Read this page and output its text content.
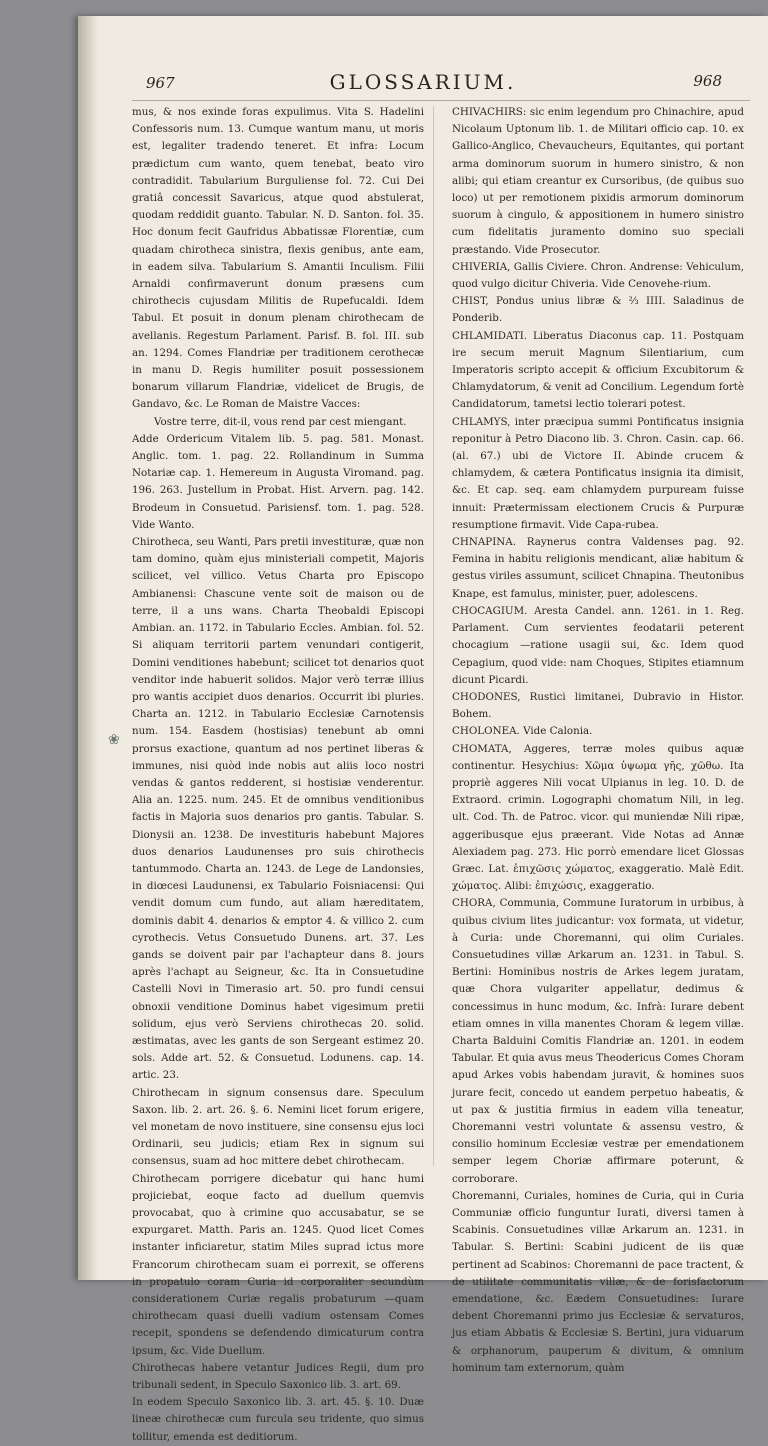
❀
967	GLOSSARIUM.	968

mus, & nos exinde foras expulimus. Vita S. Hadelini Confessoris num. 13. Cumque wantum manu, ut moris est, legaliter tradendo teneret. Et infra: Locum prædictum cum wanto, quem tenebat, beato viro contradidit. Tabularium Burguliense fol. 72. Cui Dei gratiâ concessit Savaricus, atque quod abstulerat, quodam reddidit guanto. Tabular. N. D. Santon. fol. 35. Hoc donum fecit Gaufridus Abbatissæ Florentiæ, cum quadam chirotheca sinistra, flexis genibus, ante eam, in eadem silva. Tabularium S. Amantii Inculism. Filii Arnaldi confirmaverunt donum præsens cum chirothecis cujusdam Militis de Rupefucaldi. Idem Tabul. Et posuit in donum plenam chirothecam de avellanis. Regestum Parlament. Parisf. B. fol. III. sub an. 1294. Comes Flandriæ per traditionem cerothecæ in manu D. Regis humiliter posuit possessionem bonarum villarum Flandriæ, videlicet de Brugis, de Gandavo, &c. Le Roman de Maistre Vacces:

Vostre terre, dit-il, vous rend par cest miengant.

Adde Ordericum Vitalem lib. 5. pag. 581. Monast. Anglic. tom. 1. pag. 22. Rollandinum in Summa Notariæ cap. 1. Hemereum in Augusta Viromand. pag. 196. 263. Justellum in Probat. Hist. Arvern. pag. 142. Brodeum in Consuetud. Parisiensf. tom. 1. pag. 528. Vide Wanto.

Chirotheca, seu Wanti, Pars pretii investituræ, quæ non tam domino, quàm ejus ministeriali competit, Majoris scilicet, vel villico. Vetus Charta pro Episcopo Ambianensi: Chascune vente soit de maison ou de terre, il a uns wans. Charta Theobaldi Episcopi Ambian. an. 1172. in Tabulario Eccles. Ambian. fol. 52. Si aliquam territorii partem venundari contigerit, Domini venditiones habebunt; scilicet tot denarios quot venditor inde habuerit solidos. Major verò terræ illius pro wantis accipiet duos denarios. Occurrit ibi pluries. Charta an. 1212. in Tabulario Ecclesiæ Carnotensis num. 154. Easdem (hostisias) tenebunt ab omni prorsus exactione, quantum ad nos pertinet liberas & immunes, nisi quòd inde nobis aut aliis loco nostri vendas & gantos redderent, si hostisiæ venderentur. Alia an. 1225. num. 245. Et de omnibus venditionibus factis in Majoria suos denarios pro gantis. Tabular. S. Dionysii an. 1238. De investituris habebunt Majores duos denarios Laudunenses pro suis chirothecis tantummodo. Charta an. 1243. de Lege de Landonsies, in diœcesi Laudunensi, ex Tabulario Foisniacensi: Qui vendit domum cum fundo, aut aliam hæreditatem, dominis dabit 4. denarios & emptor 4. & villico 2. cum cyrothecis. Vetus Consuetudo Dunens. art. 37. Les gands se doivent pair par l'achapteur dans 8. jours après l'achapt au Seigneur, &c. Ita in Consuetudine Castelli Novi in Timerasio art. 50. pro fundi censui obnoxii venditione Dominus habet vigesimum pretii solidum, ejus verò Serviens chirothecas 20. solid. æstimatas, avec les gants de son Sergeant estimez 20. sols. Adde art. 52. & Consuetud. Lodunens. cap. 14. artic. 23.

Chirothecam in signum consensus dare. Speculum Saxon. lib. 2. art. 26. §. 6. Nemini licet forum erigere, vel monetam de novo instituere, sine consensu ejus loci Ordinarii, seu judicis; etiam Rex in signum sui consensus, suam ad hoc mittere debet chirothecam.

Chirothecam porrigere dicebatur qui hanc humi projiciebat, eoque facto ad duellum quemvis provocabat, quo à crimine quo accusabatur, se se expurgaret. Matth. Paris an. 1245. Quod licet Comes instanter inficiaretur, statim Miles suprad ictus more Francorum chirothecam suam ei porrexit, se offerens in propatulo coram Curia id corporaliter secundùm considerationem Curiæ regalis probaturum —quam chirothecam quasi duelli vadium ostensam Comes recepit, spondens se defendendo dimicaturum contra ipsum, &c. Vide Duellum.

Chirothecas habere vetantur Judices Regii, dum pro tribunali sedent, in Speculo Saxonico lib. 3. art. 69.

In eodem Speculo Saxonico lib. 3. art. 45. §. 10. Duæ lineæ chirothecæ cum furcula seu tridente, quo simus tollitur, emenda est deditiorum.

CHIVACHIRS: sic enim legendum pro Chinachire, apud Nicolaum Uptonum lib. 1. de Militari officio cap. 10. ex Gallico-Anglico, Chevaucheurs, Equitantes, qui portant arma dominorum suorum in humero sinistro, & non alibi; qui etiam creantur ex Cursoribus, (de quibus suo loco) ut per remotionem pixidis armorum dominorum suorum à cingulo, & appositionem in humero sinistro cum fidelitatis juramento domino suo speciali præstando. Vide Prosecutor.

CHIVERIA, Gallis Civiere. Chron. Andrense: Vehiculum, quod vulgo dicitur Chiveria. Vide Cenovehe-rium.

CHIST, Pondus unius libræ & ⅔ IIII. Saladinus de Ponderib.

CHLAMIDATI. Liberatus Diaconus cap. 11. Postquam ire secum meruit Magnum Silentiarium, cum Imperatoris scripto accepit & officium Excubitorum & Chlamydatorum, & venit ad Concilium. Legendum fortè Candidatorum, tametsi lectio tolerari potest.

CHLAMYS, inter præcipua summi Pontificatus insignia reponitur à Petro Diacono lib. 3. Chron. Casin. cap. 66. (al. 67.) ubi de Victore II. Abinde crucem & chlamydem, & cætera Pontificatus insignia ita dimisit, &c. Et cap. seq. eam chlamydem purpuream fuisse innuit: Prætermissam electionem Crucis & Purpuræ resumptione firmavit. Vide Capa-rubea.

CHNAPINA. Raynerus contra Valdenses pag. 92. Femina in habitu religionis mendicant, aliæ habitum & gestus viriles assumunt, scilicet Chnapina. Theutonibus Knape, est famulus, minister, puer, adolescens.

CHOCAGIUM. Aresta Candel. ann. 1261. in 1. Reg. Parlament. Cum servientes feodatarii peterent chocagium —ratione usagii sui, &c. Idem quod Cepagium, quod vide: nam Choques, Stipites etiamnum dicunt Picardi.

CHODONES, Rustici limitanei, Dubravio in Histor. Bohem.

CHOLONEA. Vide Calonia.

CHOMATA, Aggeres, terræ moles quibus aquæ continentur. Hesychius: Χῶμα ὑψωμα γῆς, χῶθω. Ita propriè aggeres Nili vocat Ulpianus in leg. 10. D. de Extraord. crimin. Logographi chomatum Nili, in leg. ult. Cod. Th. de Patroc. vicor. qui muniendæ Nili ripæ, aggeribusque ejus præerant. Vide Notas ad Annæ Alexiadem pag. 273. Hic porrò emendare licet Glossas Græc. Lat. ἐπιχῶσις χώματος, exaggeratio. Malè Edit. χώματος. Alibi: ἐπιχώσις, exaggeratio.

CHORA, Communia, Commune Iuratorum in urbibus, à quibus civium lites judicantur: vox formata, ut videtur, à Curia: unde Choremanni, qui olim Curiales. Consuetudines villæ Arkarum an. 1231. in Tabul. S. Bertini: Hominibus nostris de Arkes legem juratam, quæ Chora vulgariter appellatur, dedimus & concessimus in hunc modum, &c. Infrà: Iurare debent etiam omnes in villa manentes Choram & legem villæ. Charta Balduini Comitis Flandriæ an. 1201. in eodem Tabular. Et quia avus meus Theodericus Comes Choram apud Arkes vobis habendam juravit, & homines suos jurare fecit, concedo ut eandem perpetuo habeatis, & ut pax & justitia firmius in eadem villa teneatur, Choremanni vestri voluntate & assensu vestro, & consilio hominum Ecclesiæ vestræ per emendationem semper legem Choriæ affirmare poterunt, & corroborare.

Choremanni, Curiales, homines de Curia, qui in Curia Communiæ officio funguntur Iurati, diversi tamen à Scabinis. Consuetudines villæ Arkarum an. 1231. in Tabular. S. Bertini: Scabini judicent de iis quæ pertinent ad Scabinos: Choremanni de pace tractent, & de utilitate communitatis villæ, & de forisfactorum emendatione, &c. Eædem Consuetudines: Iurare debent Choremanni primo jus Ecclesiæ & servaturos, jus etiam Abbatis & Ecclesiæ S. Bertini, jura viduarum & orphanorum, pauperum & divitum, & omnium hominum tam externorum, quàm
